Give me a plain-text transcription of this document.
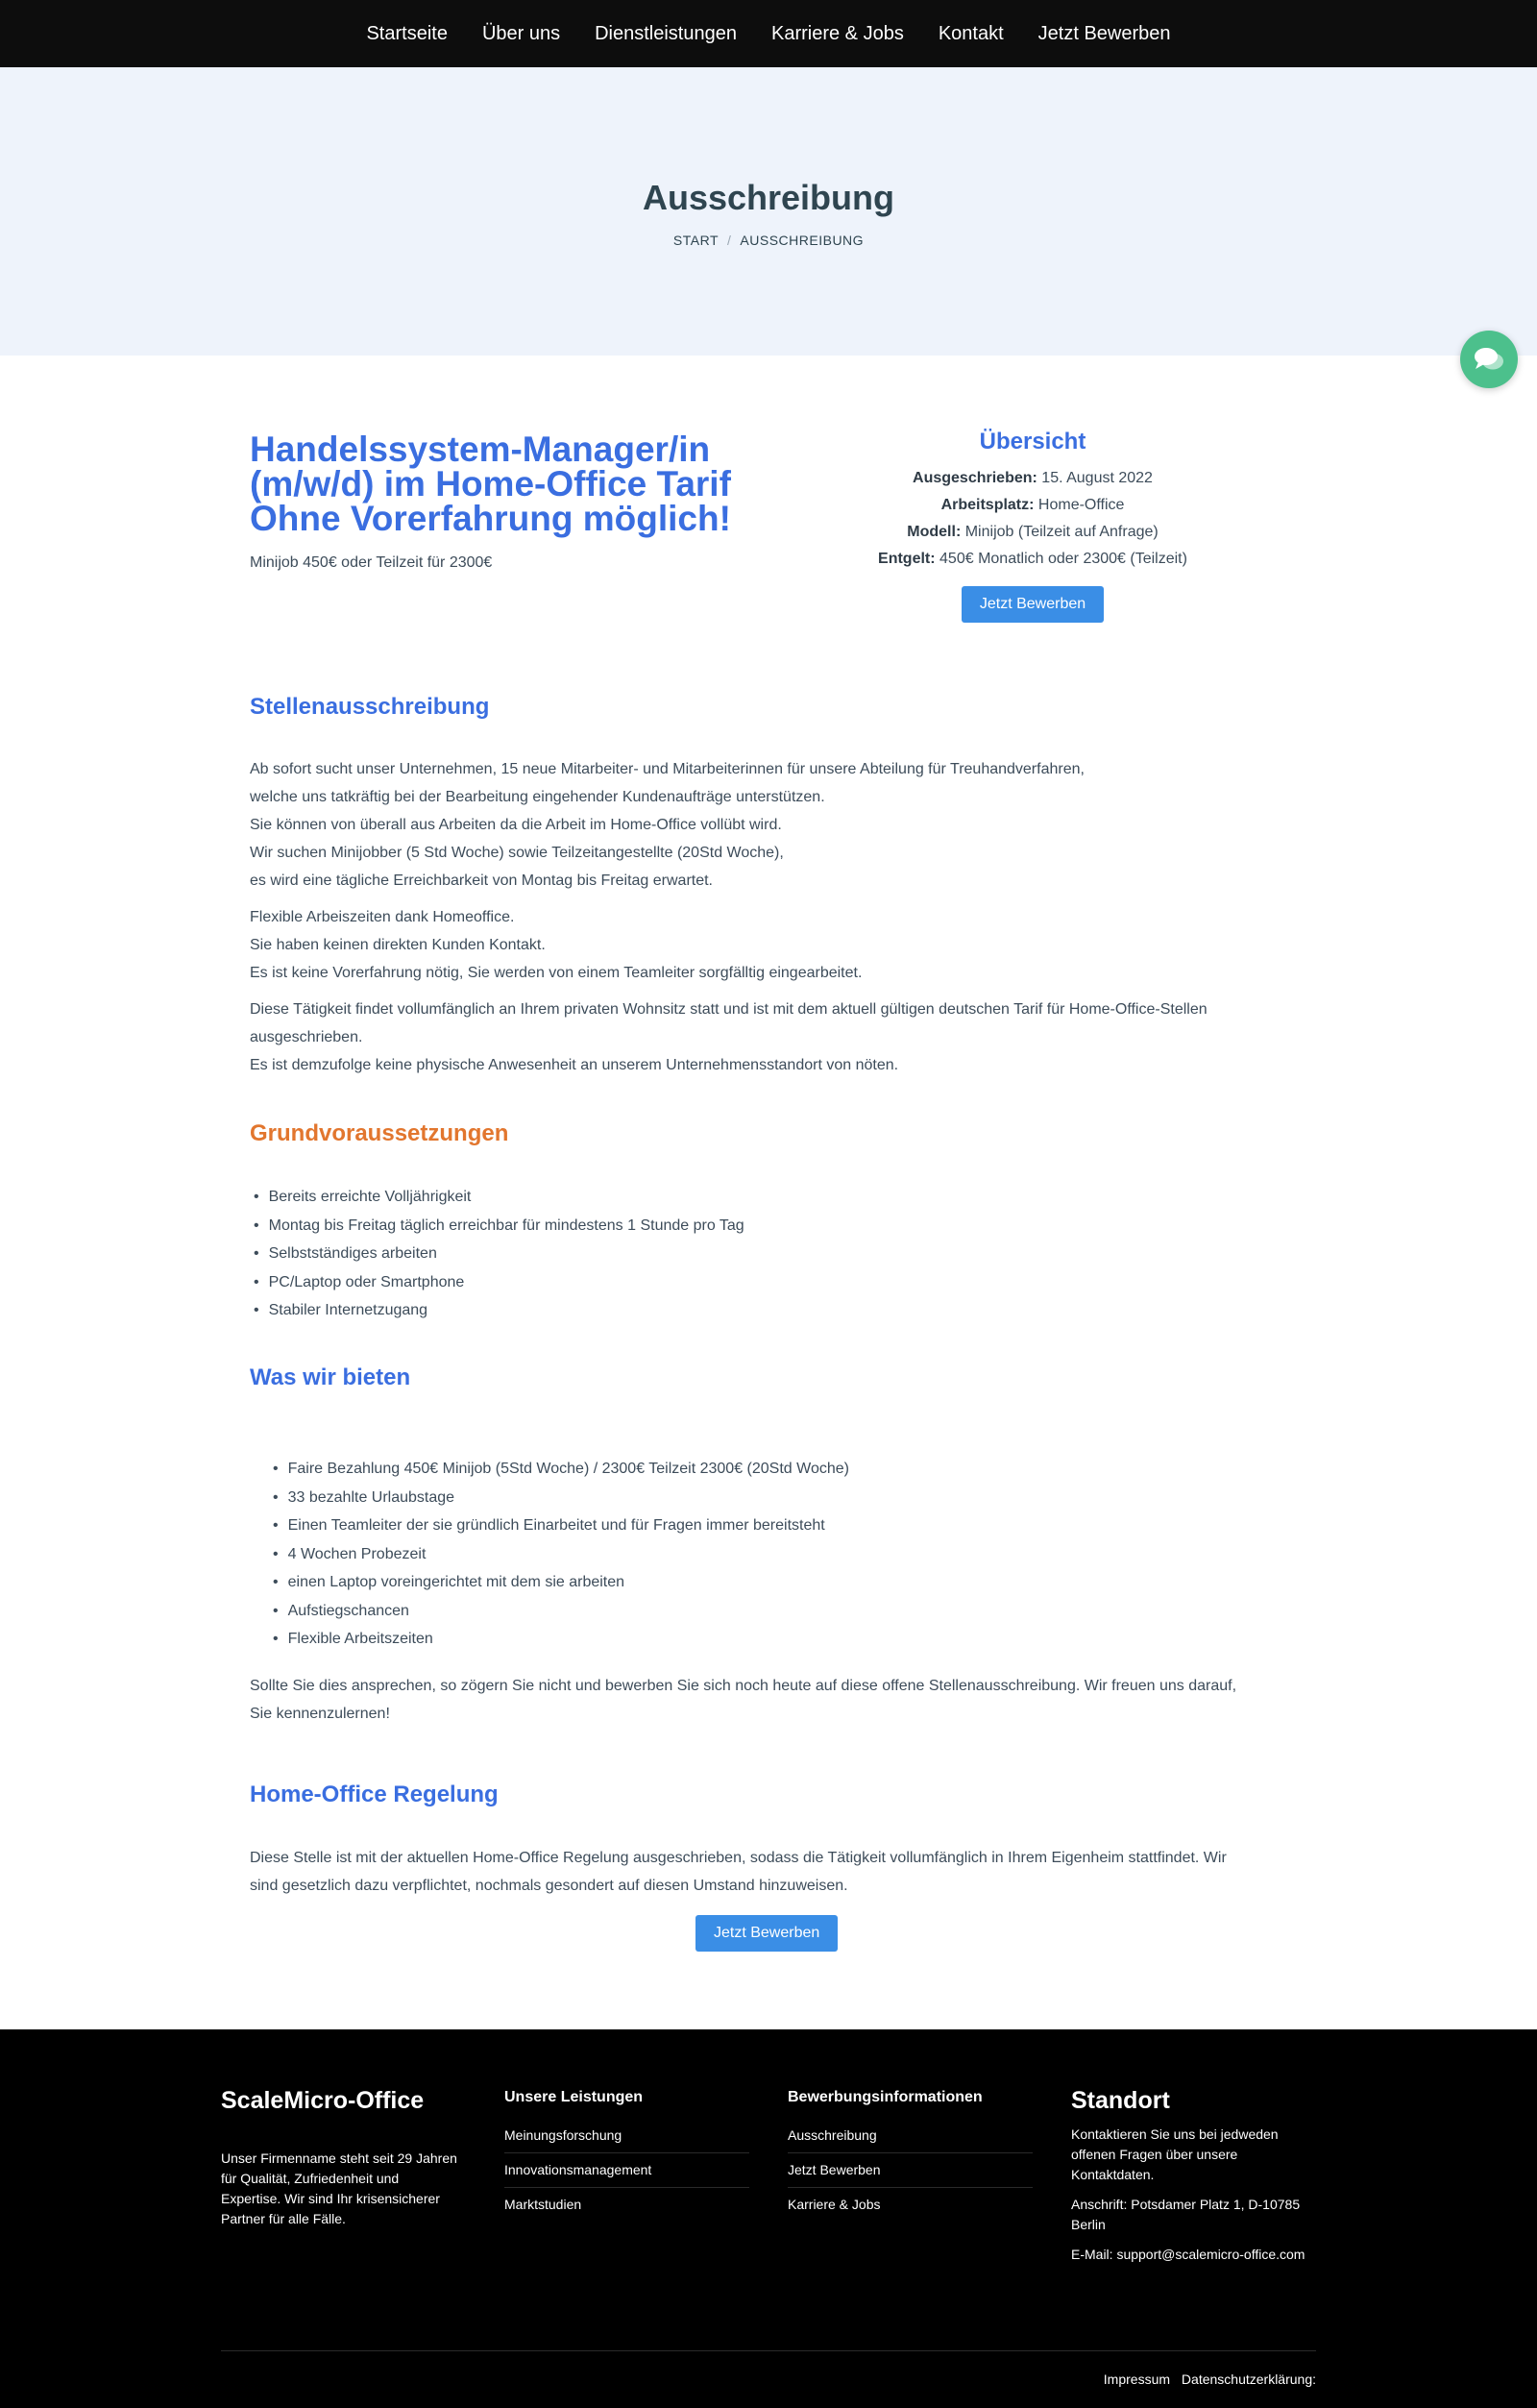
Startseite Über uns Dienstleistungen Karriere & Jobs Kontakt Jetzt Bewerben
Ausschreibung
START / AUSSCHREIBUNG
Handelssystem-Manager/in (m/w/d) im Home-Office Tarif Ohne Vorerfahrung möglich!

Minijob 450€ oder Teilzeit für 2300€

Übersicht
Ausgeschrieben: 15. August 2022
Arbeitsplatz: Home-Office
Modell: Minijob (Teilzeit auf Anfrage)
Entgelt: 450€ Monatlich oder 2300€ (Teilzeit)
Jetzt Bewerben
Stellenausschreibung
Ab sofort sucht unser Unternehmen, 15 neue Mitarbeiter- und Mitarbeiterinnen für unsere Abteilung für Treuhandverfahren,
welche uns tatkräftig bei der Bearbeitung eingehender Kundenaufträge unterstützen.
Sie können von überall aus Arbeiten da die Arbeit im Home-Office vollübt wird.
Wir suchen Minijobber (5 Std Woche) sowie Teilzeitangestellte (20Std Woche),
es wird eine tägliche Erreichbarkeit von Montag bis Freitag erwartet.
Flexible Arbeiszeiten dank Homeoffice.
Sie haben keinen direkten Kunden Kontakt.
Es ist keine Vorerfahrung nötig, Sie werden von einem Teamleiter sorgfälltig eingearbeitet.
Diese Tätigkeit findet vollumfänglich an Ihrem privaten Wohnsitz statt und ist mit dem aktuell gültigen deutschen Tarif für Home-Office-Stellen
ausgeschrieben.
Es ist demzufolge keine physische Anwesenheit an unserem Unternehmensstandort von nöten.
Grundvoraussetzungen
• Bereits erreichte Volljährigkeit
• Montag bis Freitag täglich erreichbar für mindestens 1 Stunde pro Tag
• Selbstständiges arbeiten
• PC/Laptop oder Smartphone
• Stabiler Internetzugang
Was wir bieten
• Faire Bezahlung 450€ Minijob (5Std Woche) / 2300€ Teilzeit 2300€ (20Std Woche)
• 33 bezahlte Urlaubstage
• Einen Teamleiter der sie gründlich Einarbeitet und für Fragen immer bereitsteht
• 4 Wochen Probezeit
• einen Laptop voreingerichtet mit dem sie arbeiten
• Aufstiegschancen
• Flexible Arbeitszeiten
Sollte Sie dies ansprechen, so zögern Sie nicht und bewerben Sie sich noch heute auf diese offene Stellenausschreibung. Wir freuen uns darauf,
Sie kennenzulernen!
Home-Office Regelung
Diese Stelle ist mit der aktuellen Home-Office Regelung ausgeschrieben, sodass die Tätigkeit vollumfänglich in Ihrem Eigenheim stattfindet. Wir
sind gesetzlich dazu verpflichtet, nochmals gesondert auf diesen Umstand hinzuweisen.
Jetzt Bewerben
ScaleMicro-Office
Unser Firmenname steht seit 29 Jahren für Qualität, Zufriedenheit und Expertise. Wir sind Ihr krisensicherer Partner für alle Fälle.
Unsere Leistungen
Meinungsforschung
Innovationsmanagement
Marktstudien
Bewerbungsinformationen
Ausschreibung
Jetzt Bewerben
Karriere & Jobs
Standort

Kontaktieren Sie uns bei jedweden offenen Fragen über unsere Kontaktdaten.

Anschrift: Potsdamer Platz 1, D-10785 Berlin

E-Mail: support@scalemicro-office.com

Impressum Datenschutzerklärung:
